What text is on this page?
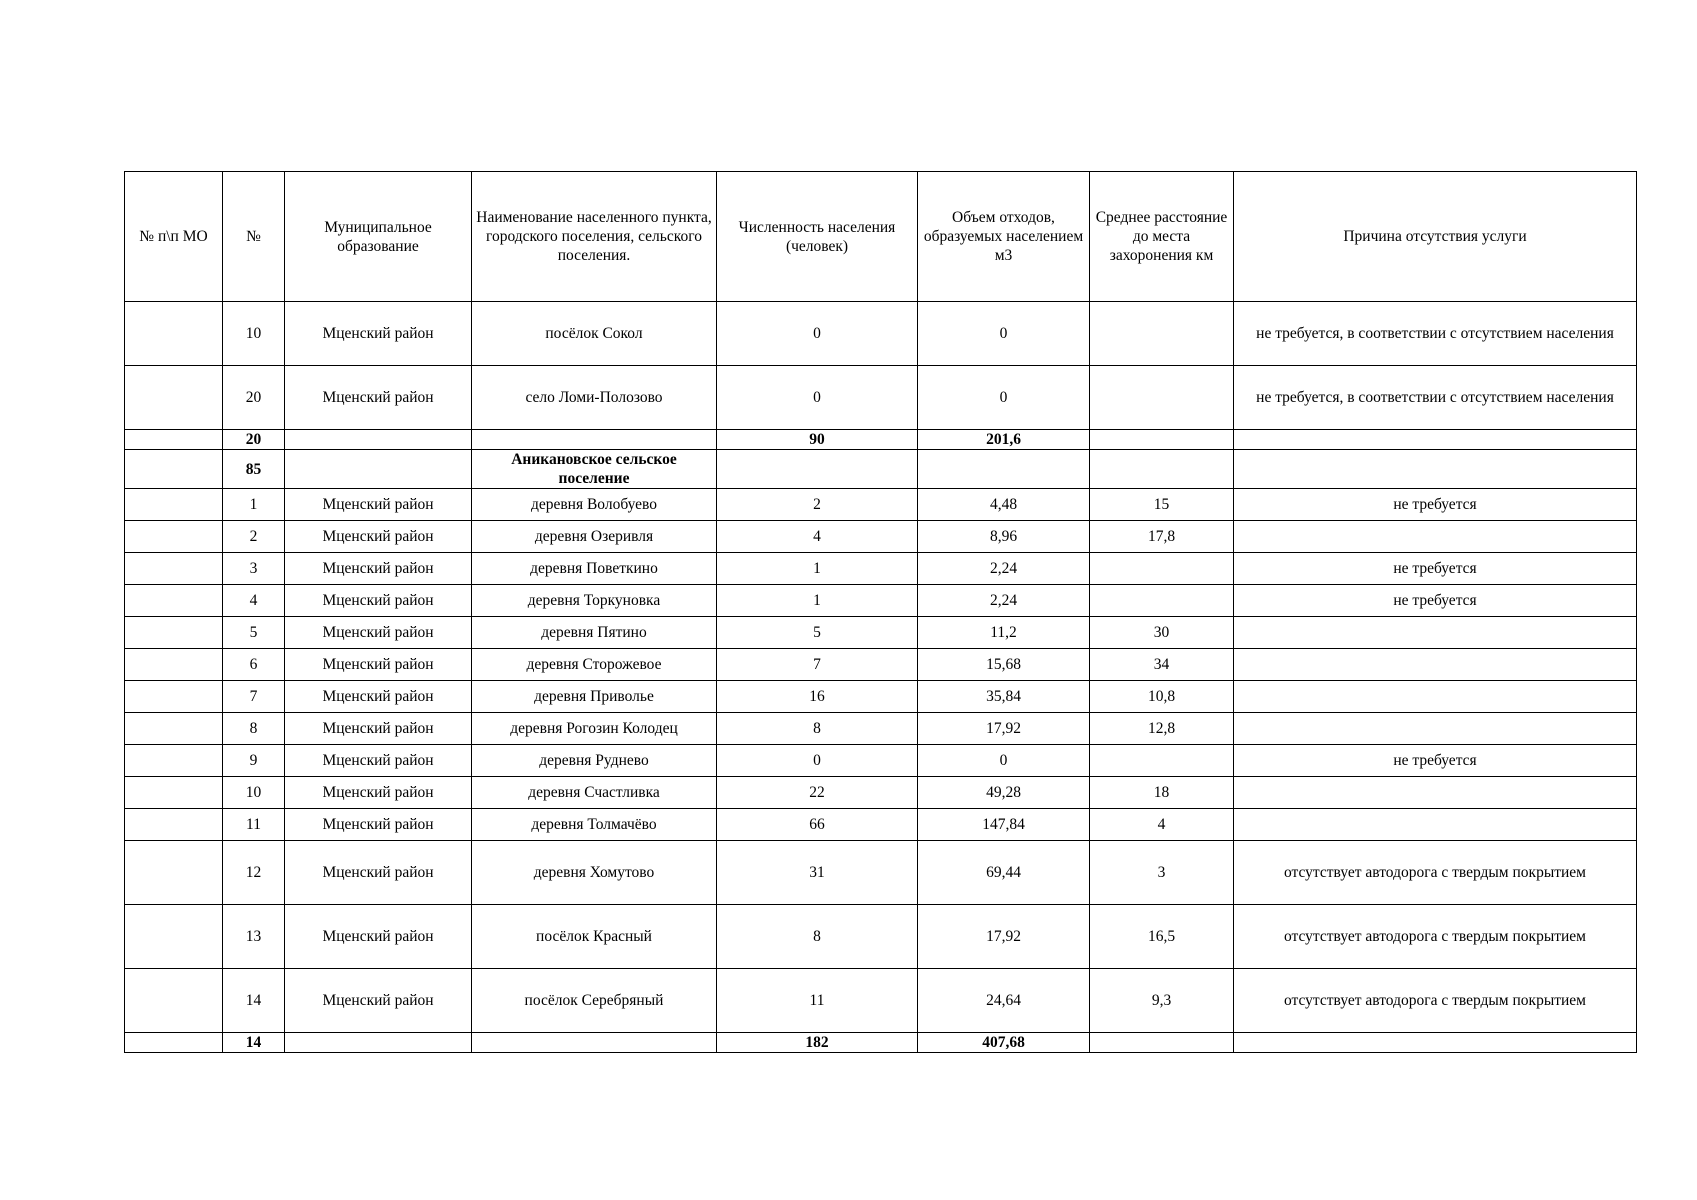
№ п\п МО	№	Муниципальное образование	Наименование населенного пункта, городского поселения, сельского поселения.	Численность населения (человек)	Объем отходов, образуемых населением м3	Среднее расстояние до места захоронения км	Причина отсутствия услуги
	10	Мценский район	посёлок Сокол	0	0		не требуется, в соответствии с отсутствием населения
	20	Мценский район	село Ломи-Полозово	0	0		не требуется, в соответствии с отсутствием населения
	20			90	201,6		
	85		Аникановское сельское поселение				
	1	Мценский район	деревня Волобуево	2	4,48	15	не требуется
	2	Мценский район	деревня Озеривля	4	8,96	17,8	
	3	Мценский район	деревня Поветкино	1	2,24		не требуется
	4	Мценский район	деревня Торкуновка	1	2,24		не требуется
	5	Мценский район	деревня Пятино	5	11,2	30	
	6	Мценский район	деревня Сторожевое	7	15,68	34	
	7	Мценский район	деревня Приволье	16	35,84	10,8	
	8	Мценский район	деревня Рогозин Колодец	8	17,92	12,8	
	9	Мценский район	деревня Руднево	0	0		не требуется
	10	Мценский район	деревня Счастливка	22	49,28	18	
	11	Мценский район	деревня Толмачёво	66	147,84	4	
	12	Мценский район	деревня Хомутово	31	69,44	3	отсутствует автодорога с твердым покрытием
	13	Мценский район	посёлок Красный	8	17,92	16,5	отсутствует автодорога с твердым покрытием
	14	Мценский район	посёлок Серебряный	11	24,64	9,3	отсутствует автодорога с твердым покрытием
	14			182	407,68		
